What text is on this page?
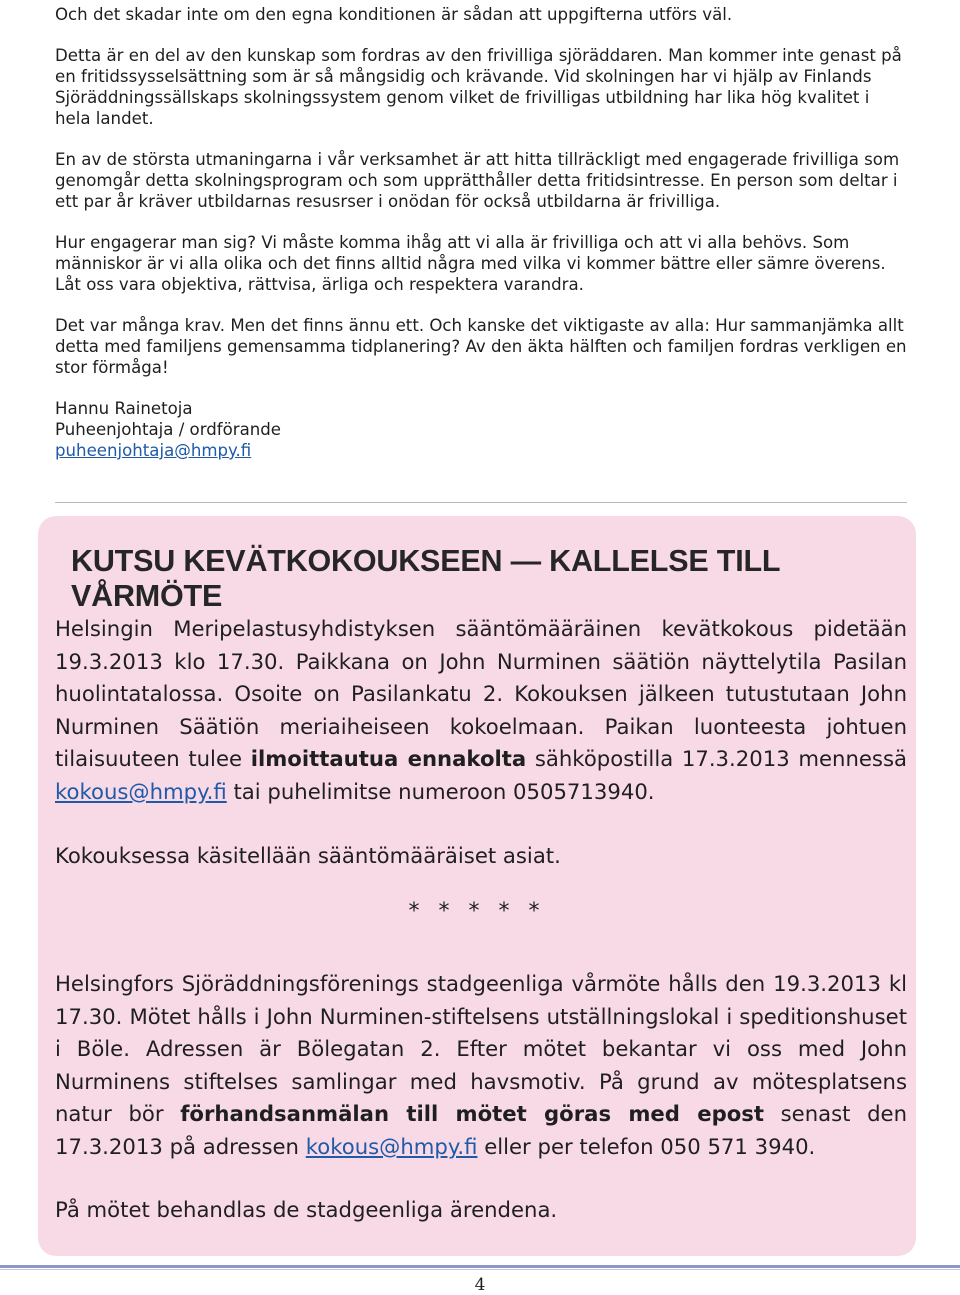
Och det skadar inte om den egna konditionen är sådan att uppgifterna utförs väl.

Detta är en del av den kunskap som fordras av den frivilliga sjöräddaren. Man kommer inte genast på en fritidssysselsättning som är så mångsidig och krävande. Vid skolningen har vi hjälp av Finlands Sjöräddningssällskaps skolningssystem genom vilket de frivilligas utbildning har lika hög kvalitet i hela landet.

En av de största utmaningarna i vår verksamhet är att hitta tillräckligt med engagerade frivilliga som genomgår detta skolningsprogram och som upprätthåller detta fritidsintresse. En person som deltar i ett par år kräver utbildarnas resusrser i onödan för också utbildarna är frivilliga.

Hur engagerar man sig? Vi måste komma ihåg att vi alla är frivilliga och att vi alla behövs. Som människor är vi alla olika och det finns alltid några med vilka vi kommer bättre eller sämre överens. Låt oss vara objektiva, rättvisa, ärliga och respektera varandra.

Det var många krav. Men det finns ännu ett. Och kanske det viktigaste av alla: Hur sammanjämka allt detta med familjens gemensamma tidplanering? Av den äkta hälften och familjen fordras verkligen en stor förmåga!

Hannu Rainetoja
Puheenjohtaja / ordförande
puheenjohtaja@hmpy.fi
KUTSU KEVÄTKOKOUKSEEN — KALLELSE TILL VÅRMÖTE
Helsingin Meripelastusyhdistyksen sääntömääräinen kevätkokous pidetään 19.3.2013 klo 17.30. Paikkana on John Nurminen säätiön näyttelytila Pasilan huolintatalossa. Osoite on Pasilankatu 2. Kokouksen jälkeen tutustutaan John Nurminen Säätiön meriaiheiseen kokoelmaan. Paikan luonteesta johtuen tilaisuuteen tulee ilmoittautua ennakolta sähköpostilla 17.3.2013 mennessä kokous@hmpy.fi tai puhelimitse numeroon 0505713940.
Kokouksessa käsitellään sääntömääräiset asiat.
* * * * *
Helsingfors Sjöräddningsförenings stadgeenliga vårmöte hålls den 19.3.2013 kl 17.30. Mötet hålls i John Nurminen-stiftelsens utställningslokal i speditionshuset i Böle. Adressen är Bölegatan 2. Efter mötet bekantar vi oss med John Nurminens stiftelses samlingar med havsmotiv. På grund av mötesplatsens natur bör förhandsanmälan till mötet göras med epost senast den 17.3.2013 på adressen kokous@hmpy.fi eller per telefon 050 571 3940.
På mötet behandlas de stadgeenliga ärendena.
4
